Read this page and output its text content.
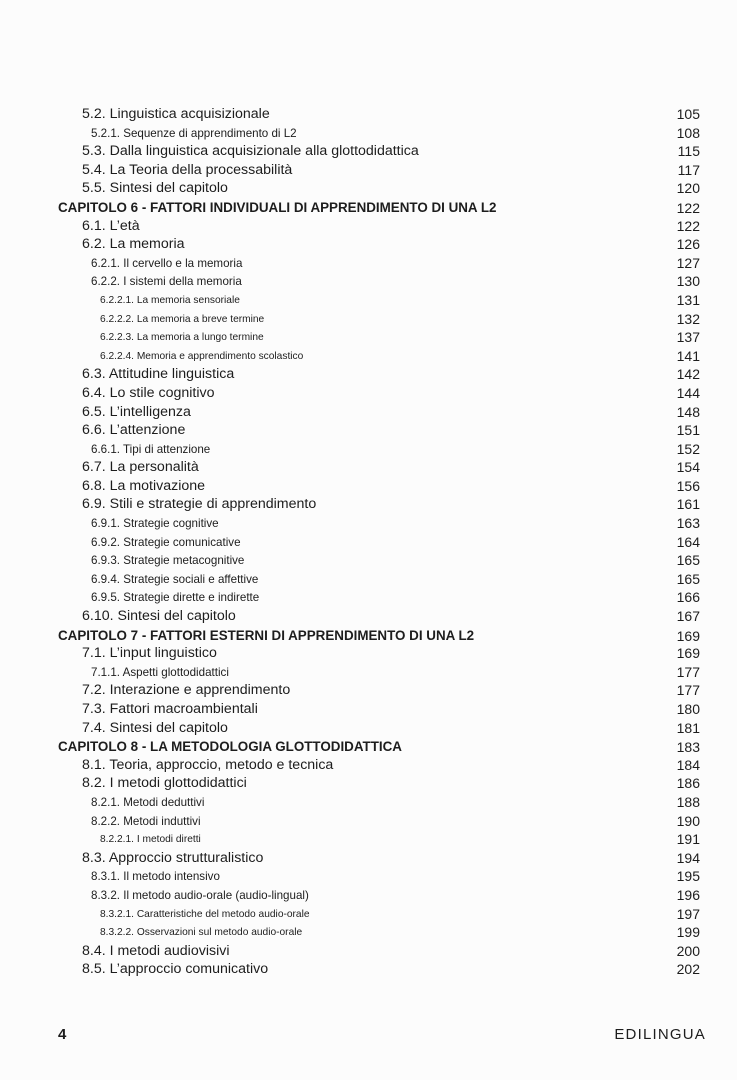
5.2. Linguistica acquisizionale	105
5.2.1. Sequenze di apprendimento di L2	108
5.3. Dalla linguistica acquisizionale alla glottodidattica	115
5.4. La Teoria della processabilità	117
5.5. Sintesi del capitolo	120
CAPITOLO 6 - FATTORI INDIVIDUALI DI APPRENDIMENTO DI UNA L2	122
6.1. L’età	122
6.2. La memoria	126
6.2.1. Il cervello e la memoria	127
6.2.2. I sistemi della memoria	130
6.2.2.1. La memoria sensoriale	131
6.2.2.2. La memoria a breve termine	132
6.2.2.3. La memoria a lungo termine	137
6.2.2.4. Memoria e apprendimento scolastico	141
6.3. Attitudine linguistica	142
6.4. Lo stile cognitivo	144
6.5. L’intelligenza	148
6.6. L’attenzione	151
6.6.1. Tipi di attenzione	152
6.7. La personalità	154
6.8. La motivazione	156
6.9. Stili e strategie di apprendimento	161
6.9.1. Strategie cognitive	163
6.9.2. Strategie comunicative	164
6.9.3. Strategie metacognitive	165
6.9.4. Strategie sociali e affettive	165
6.9.5. Strategie dirette e indirette	166
6.10. Sintesi del capitolo	167
CAPITOLO 7 - FATTORI ESTERNI DI APPRENDIMENTO DI UNA L2	169
7.1. L’input linguistico	169
7.1.1. Aspetti glottodidattici	177
7.2. Interazione e apprendimento	177
7.3. Fattori macroambientali	180
7.4. Sintesi del capitolo	181
CAPITOLO 8 - LA METODOLOGIA GLOTTODIDATTICA	183
8.1. Teoria, approccio, metodo e tecnica	184
8.2. I metodi glottodidattici	186
8.2.1. Metodi deduttivi	188
8.2.2. Metodi induttivi	190
8.2.2.1. I metodi diretti	191
8.3. Approccio strutturalistico	194
8.3.1. Il metodo intensivo	195
8.3.2. Il metodo audio-orale (audio-lingual)	196
8.3.2.1. Caratteristiche del metodo audio-orale	197
8.3.2.2. Osservazioni sul metodo audio-orale	199
8.4. I metodi audiovisivi	200
8.5. L’approccio comunicativo	202
4	EDILINGUA
